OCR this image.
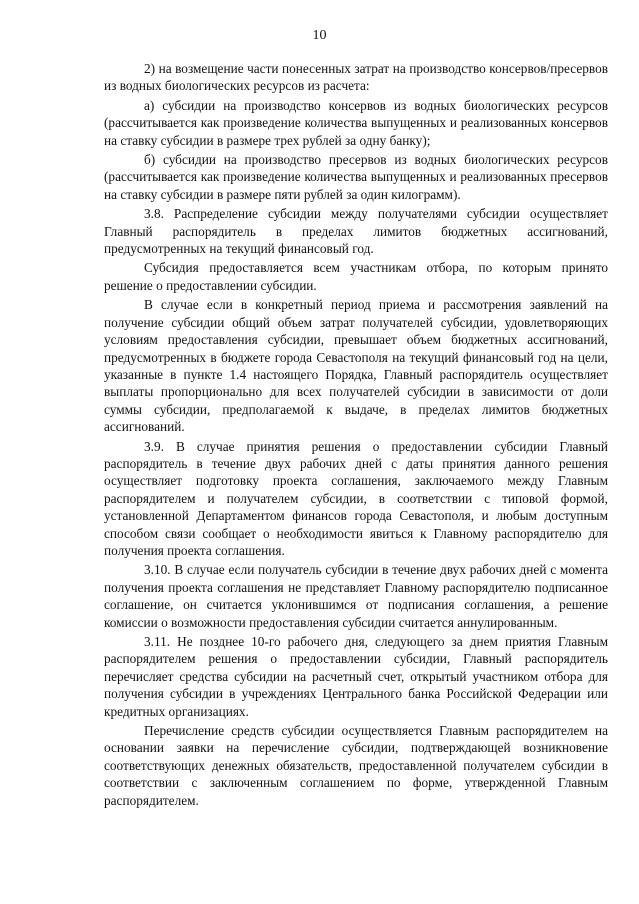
10

2) на возмещение части понесенных затрат на производство консервов/пресервов из водных биологических ресурсов из расчета:

а) субсидии на производство консервов из водных биологических ресурсов (рассчитывается как произведение количества выпущенных и реализованных консервов на ставку субсидии в размере трех рублей за одну банку);

б) субсидии на производство пресервов из водных биологических ресурсов (рассчитывается как произведение количества выпущенных и реализованных пресервов на ставку субсидии в размере пяти рублей за один килограмм).

3.8. Распределение субсидии между получателями субсидии осуществляет Главный распорядитель в пределах лимитов бюджетных ассигнований, предусмотренных на текущий финансовый год.

Субсидия предоставляется всем участникам отбора, по которым принято решение о предоставлении субсидии.

В случае если в конкретный период приема и рассмотрения заявлений на получение субсидии общий объем затрат получателей субсидии, удовлетворяющих условиям предоставления субсидии, превышает объем бюджетных ассигнований, предусмотренных в бюджете города Севастополя на текущий финансовый год на цели, указанные в пункте 1.4 настоящего Порядка, Главный распорядитель осуществляет выплаты пропорционально для всех получателей субсидии в зависимости от доли суммы субсидии, предполагаемой к выдаче, в пределах лимитов бюджетных ассигнований.

3.9. В случае принятия решения о предоставлении субсидии Главный распорядитель в течение двух рабочих дней с даты принятия данного решения осуществляет подготовку проекта соглашения, заключаемого между Главным распорядителем и получателем субсидии, в соответствии с типовой формой, установленной Департаментом финансов города Севастополя, и любым доступным способом связи сообщает о необходимости явиться к Главному распорядителю для получения проекта соглашения.

3.10. В случае если получатель субсидии в течение двух рабочих дней с момента получения проекта соглашения не представляет Главному распорядителю подписанное соглашение, он считается уклонившимся от подписания соглашения, а решение комиссии о возможности предоставления субсидии считается аннулированным.

3.11. Не позднее 10-го рабочего дня, следующего за днем приятия Главным распорядителем решения о предоставлении субсидии, Главный распорядитель перечисляет средства субсидии на расчетный счет, открытый участником отбора для получения субсидии в учреждениях Центрального банка Российской Федерации или кредитных организациях.

Перечисление средств субсидии осуществляется Главным распорядителем на основании заявки на перечисление субсидии, подтверждающей возникновение соответствующих денежных обязательств, предоставленной получателем субсидии в соответствии с заключенным соглашением по форме, утвержденной Главным распорядителем.
